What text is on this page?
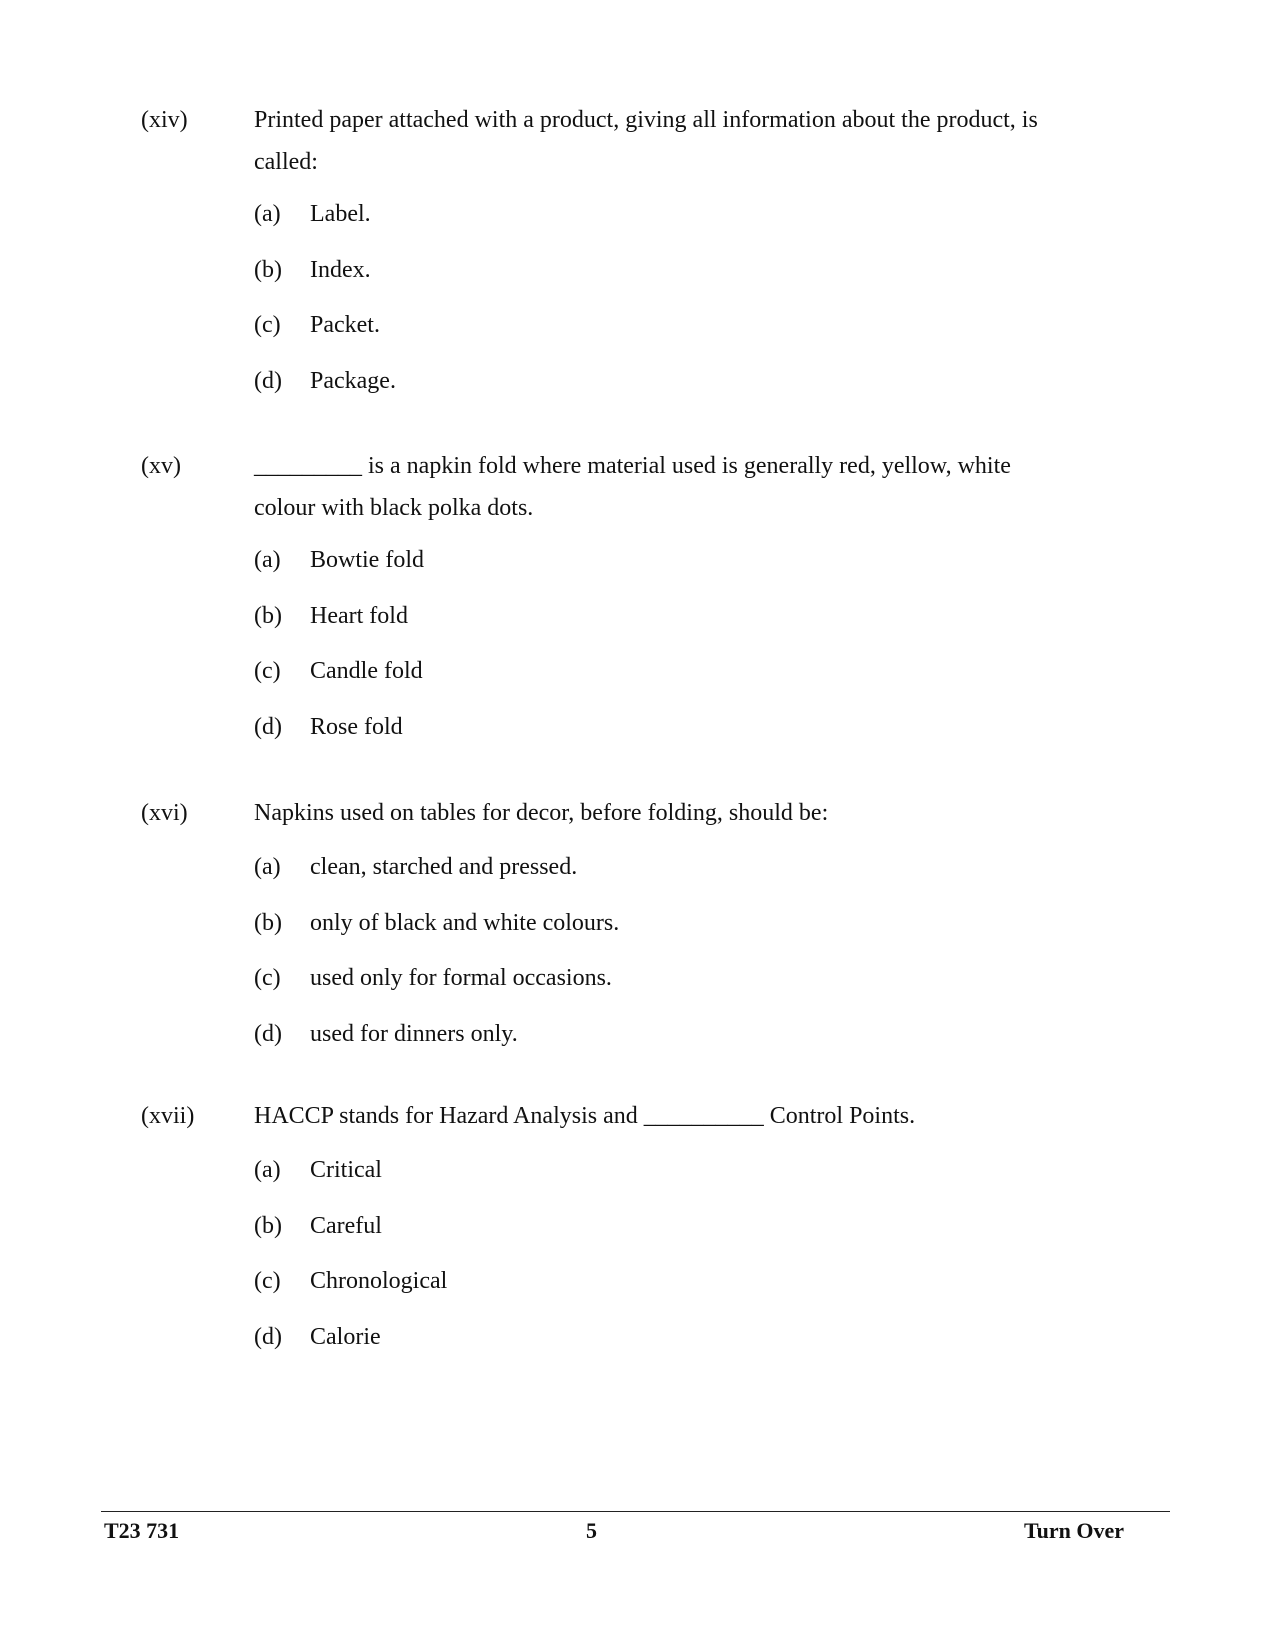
(xiv)	Printed paper attached with a product, giving all information about the product, is called:
(a) Label.
(b) Index.
(c) Packet.
(d) Package.
(xv)	_________ is a napkin fold where material used is generally red, yellow, white colour with black polka dots.
(a) Bowtie fold
(b) Heart fold
(c) Candle fold
(d) Rose fold
(xvi)	Napkins used on tables for decor, before folding, should be:
(a) clean, starched and pressed.
(b) only of black and white colours.
(c) used only for formal occasions.
(d) used for dinners only.
(xvii) HACCP stands for Hazard Analysis and __________ Control Points.
(a) Critical
(b) Careful
(c) Chronological
(d) Calorie
T23 731	5	Turn Over
